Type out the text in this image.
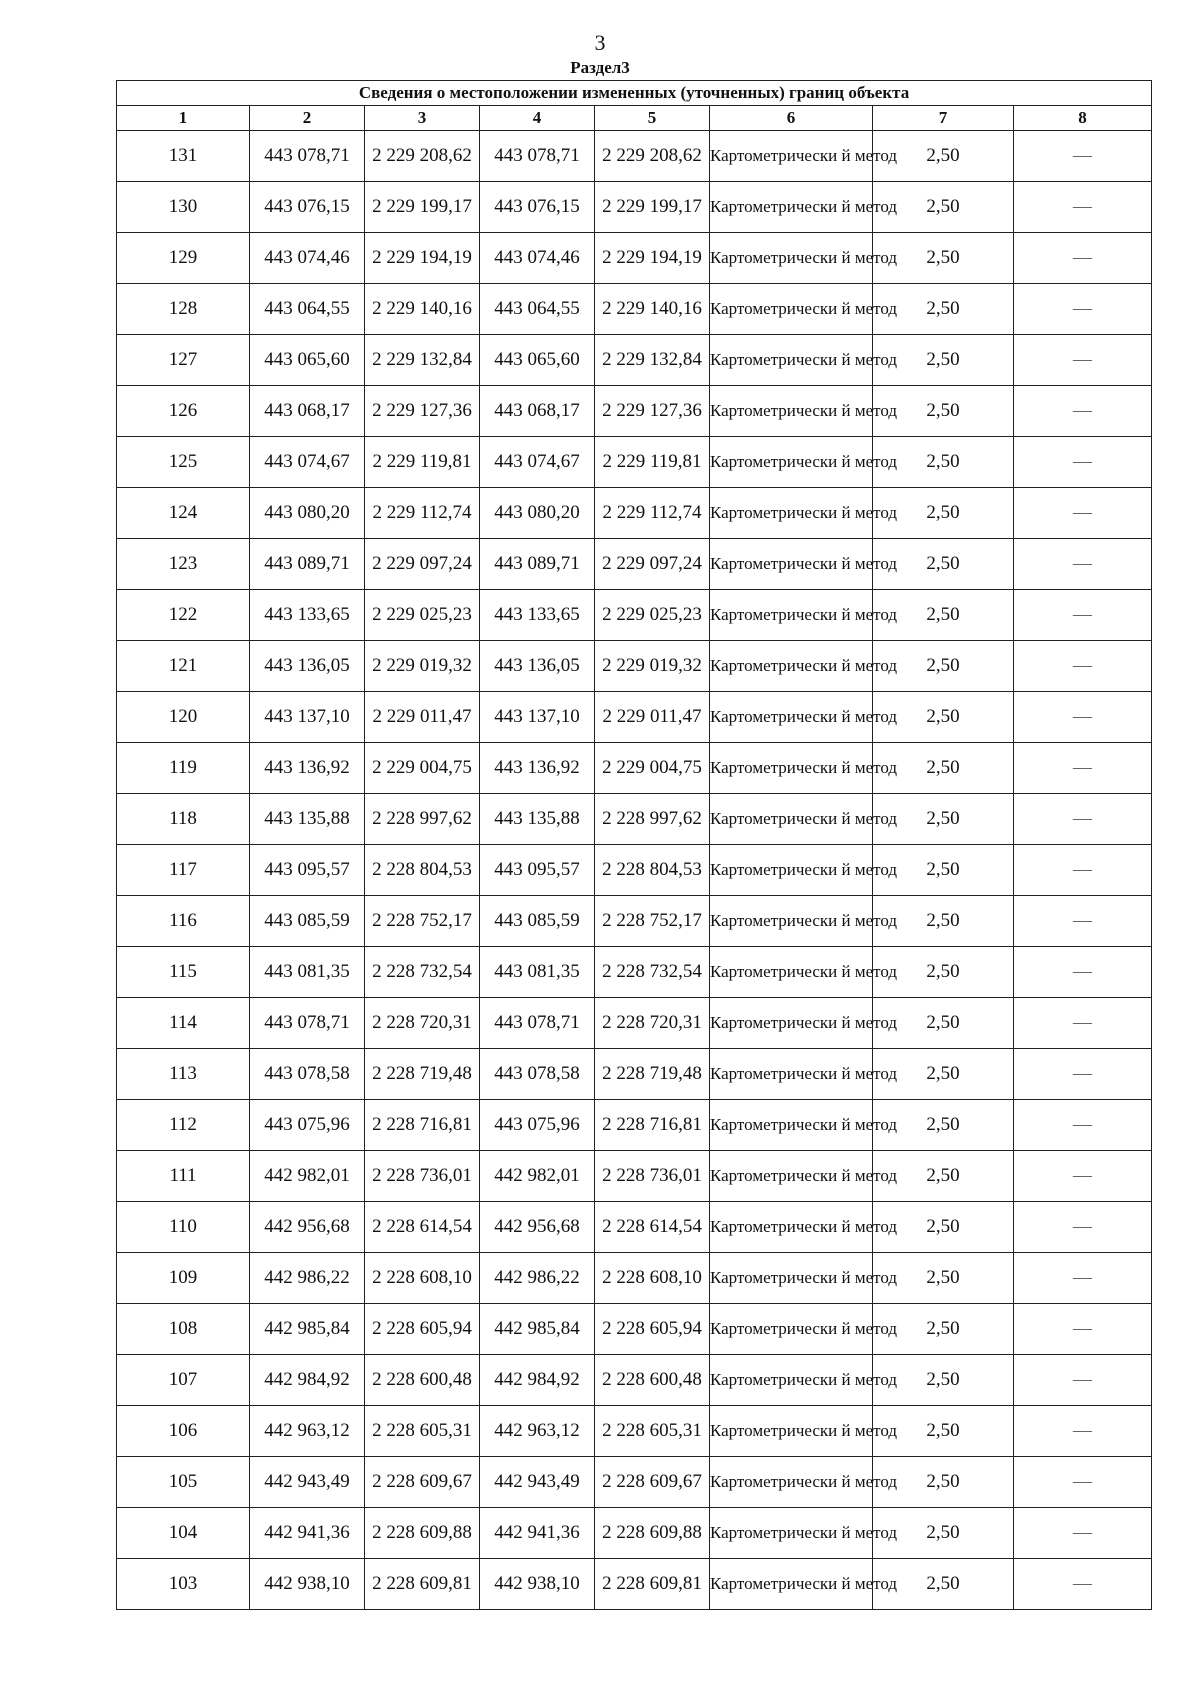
3
Раздел3
Сведения о местоположении измененных (уточненных) границ объекта							
1	2	3	4	5	6	7	8
131	443 078,71	2 229 208,62	443 078,71	2 229 208,62	Картометрически й метод	2,50	—
130	443 076,15	2 229 199,17	443 076,15	2 229 199,17	Картометрически й метод	2,50	—
129	443 074,46	2 229 194,19	443 074,46	2 229 194,19	Картометрически й метод	2,50	—
128	443 064,55	2 229 140,16	443 064,55	2 229 140,16	Картометрически й метод	2,50	—
127	443 065,60	2 229 132,84	443 065,60	2 229 132,84	Картометрически й метод	2,50	—
126	443 068,17	2 229 127,36	443 068,17	2 229 127,36	Картометрически й метод	2,50	—
125	443 074,67	2 229 119,81	443 074,67	2 229 119,81	Картометрически й метод	2,50	—
124	443 080,20	2 229 112,74	443 080,20	2 229 112,74	Картометрически й метод	2,50	—
123	443 089,71	2 229 097,24	443 089,71	2 229 097,24	Картометрически й метод	2,50	—
122	443 133,65	2 229 025,23	443 133,65	2 229 025,23	Картометрически й метод	2,50	—
121	443 136,05	2 229 019,32	443 136,05	2 229 019,32	Картометрически й метод	2,50	—
120	443 137,10	2 229 011,47	443 137,10	2 229 011,47	Картометрически й метод	2,50	—
119	443 136,92	2 229 004,75	443 136,92	2 229 004,75	Картометрически й метод	2,50	—
118	443 135,88	2 228 997,62	443 135,88	2 228 997,62	Картометрически й метод	2,50	—
117	443 095,57	2 228 804,53	443 095,57	2 228 804,53	Картометрически й метод	2,50	—
116	443 085,59	2 228 752,17	443 085,59	2 228 752,17	Картометрически й метод	2,50	—
115	443 081,35	2 228 732,54	443 081,35	2 228 732,54	Картометрически й метод	2,50	—
114	443 078,71	2 228 720,31	443 078,71	2 228 720,31	Картометрически й метод	2,50	—
113	443 078,58	2 228 719,48	443 078,58	2 228 719,48	Картометрически й метод	2,50	—
112	443 075,96	2 228 716,81	443 075,96	2 228 716,81	Картометрически й метод	2,50	—
111	442 982,01	2 228 736,01	442 982,01	2 228 736,01	Картометрически й метод	2,50	—
110	442 956,68	2 228 614,54	442 956,68	2 228 614,54	Картометрически й метод	2,50	—
109	442 986,22	2 228 608,10	442 986,22	2 228 608,10	Картометрически й метод	2,50	—
108	442 985,84	2 228 605,94	442 985,84	2 228 605,94	Картометрически й метод	2,50	—
107	442 984,92	2 228 600,48	442 984,92	2 228 600,48	Картометрически й метод	2,50	—
106	442 963,12	2 228 605,31	442 963,12	2 228 605,31	Картометрически й метод	2,50	—
105	442 943,49	2 228 609,67	442 943,49	2 228 609,67	Картометрически й метод	2,50	—
104	442 941,36	2 228 609,88	442 941,36	2 228 609,88	Картометрически й метод	2,50	—
103	442 938,10	2 228 609,81	442 938,10	2 228 609,81	Картометрически й метод	2,50	—
